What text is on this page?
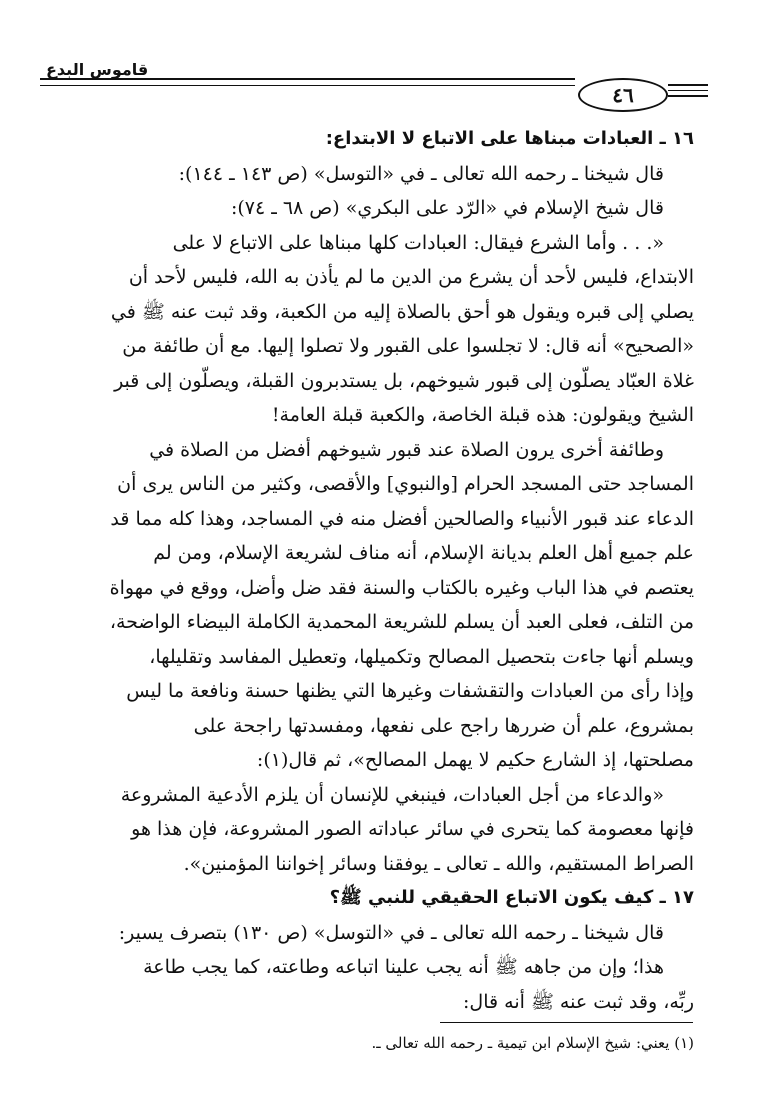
قاموس البدع
٤٦
١٦ ـ العبادات مبناها على الاتباع لا الابتداع:
قال شيخنا ـ رحمه الله تعالى ـ في «التوسل» (ص ١٤٣ ـ ١٤٤):
قال شيخ الإسلام في «الرّد على البكري» (ص ٦٨ ـ ٧٤):
«. . . وأما الشرع فيقال: العبادات كلها مبناها على الاتباع لا على
الابتداع، فليس لأحد أن يشرع من الدين ما لم يأذن به الله، فليس لأحد أن
يصلي إلى قبره ويقول هو أحق بالصلاة إليه من الكعبة، وقد ثبت عنه ﷺ في
«الصحيح» أنه قال: لا تجلسوا على القبور ولا تصلوا إليها. مع أن طائفة من
غلاة العبّاد يصلّون إلى قبور شيوخهم، بل يستدبرون القبلة، ويصلّون إلى قبر
الشيخ ويقولون: هذه قبلة الخاصة، والكعبة قبلة العامة!
وطائفة أخرى يرون الصلاة عند قبور شيوخهم أفضل من الصلاة في
المساجد حتى المسجد الحرام [والنبوي] والأقصى، وكثير من الناس يرى أن
الدعاء عند قبور الأنبياء والصالحين أفضل منه في المساجد، وهذا كله مما قد
علم جميع أهل العلم بديانة الإسلام، أنه مناف لشريعة الإسلام، ومن لم
يعتصم في هذا الباب وغيره بالكتاب والسنة فقد ضل وأضل، ووقع في مهواة
من التلف، فعلى العبد أن يسلم للشريعة المحمدية الكاملة البيضاء الواضحة،
ويسلم أنها جاءت بتحصيل المصالح وتكميلها، وتعطيل المفاسد وتقليلها،
وإذا رأى من العبادات والتقشفات وغيرها التي يظنها حسنة ونافعة ما ليس
بمشروع، علم أن ضررها راجح على نفعها، ومفسدتها راجحة على
مصلحتها، إذ الشارع حكيم لا يهمل المصالح»، ثم قال(١):
«والدعاء من أجل العبادات، فينبغي للإنسان أن يلزم الأدعية المشروعة
فإنها معصومة كما يتحرى في سائر عباداته الصور المشروعة، فإن هذا هو
الصراط المستقيم، والله ـ تعالى ـ يوفقنا وسائر إخواننا المؤمنين».
١٧ ـ كيف يكون الاتباع الحقيقي للنبي ﷺ؟
قال شيخنا ـ رحمه الله تعالى ـ في «التوسل» (ص ١٣٠) بتصرف يسير:
هذا؛ وإن من جاهه ﷺ أنه يجب علينا اتباعه وطاعته، كما يجب طاعة
ربِّه، وقد ثبت عنه ﷺ أنه قال:
(١) يعني: شيخ الإسلام ابن تيمية ـ رحمه الله تعالى ـ.
